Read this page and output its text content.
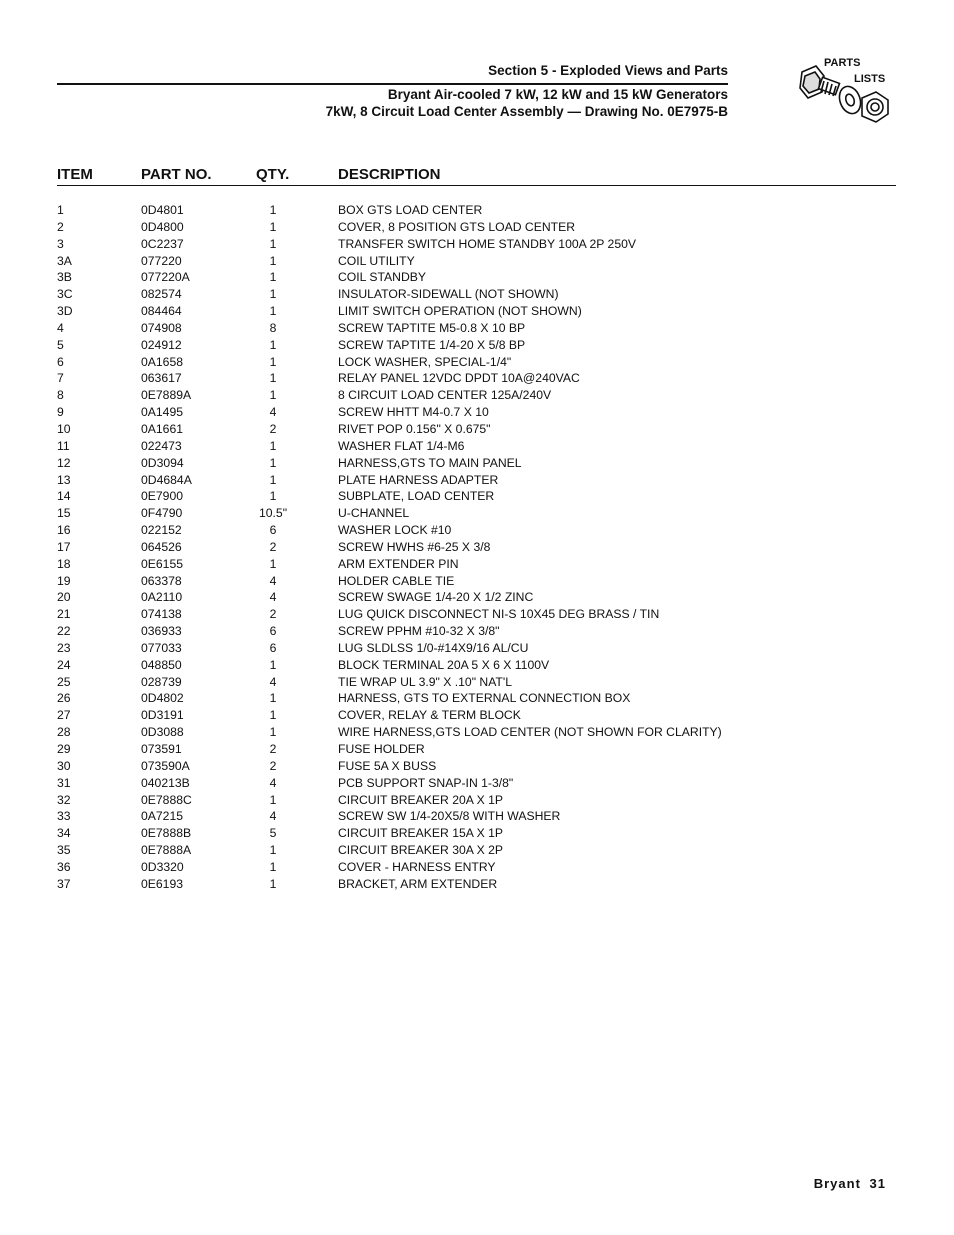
Section 5 - Exploded Views and Parts
Bryant Air-cooled 7 kW, 12 kW and 15 kW Generators
7kW, 8 Circuit Load Center Assembly — Drawing No. 0E7975-B
PARTS
LISTS
ITEM	PART NO.	QTY.	DESCRIPTION
1	0D4801	1	BOX GTS LOAD CENTER
2	0D4800	1	COVER, 8 POSITION GTS LOAD CENTER
3	0C2237	1	TRANSFER SWITCH HOME STANDBY 100A 2P 250V
3A	077220	1	COIL UTILITY
3B	077220A	1	COIL STANDBY
3C	082574	1	INSULATOR-SIDEWALL (NOT SHOWN)
3D	084464	1	LIMIT SWITCH OPERATION (NOT SHOWN)
4	074908	8	SCREW TAPTITE M5-0.8 X 10 BP
5	024912	1	SCREW TAPTITE 1/4-20 X 5/8 BP
6	0A1658	1	LOCK WASHER, SPECIAL-1/4"
7	063617	1	RELAY PANEL 12VDC DPDT 10A@240VAC
8	0E7889A	1	8 CIRCUIT LOAD CENTER 125A/240V
9	0A1495	4	SCREW HHTT M4-0.7 X 10
10	0A1661	2	RIVET POP 0.156" X 0.675"
11	022473	1	WASHER FLAT 1/4-M6
12	0D3094	1	HARNESS,GTS TO MAIN PANEL
13	0D4684A	1	PLATE HARNESS ADAPTER
14	0E7900	1	SUBPLATE, LOAD CENTER
15	0F4790	10.5"	U-CHANNEL
16	022152	6	WASHER LOCK #10
17	064526	2	SCREW HWHS #6-25 X 3/8
18	0E6155	1	ARM EXTENDER PIN
19	063378	4	HOLDER CABLE TIE
20	0A2110	4	SCREW SWAGE 1/4-20 X 1/2 ZINC
21	074138	2	LUG QUICK DISCONNECT NI-S 10X45 DEG BRASS / TIN
22	036933	6	SCREW PPHM #10-32 X 3/8"
23	077033	6	LUG SLDLSS 1/0-#14X9/16 AL/CU
24	048850	1	BLOCK TERMINAL 20A 5 X 6 X 1100V
25	028739	4	TIE WRAP UL 3.9" X .10" NAT'L
26	0D4802	1	HARNESS, GTS TO EXTERNAL CONNECTION BOX
27	0D3191	1	COVER, RELAY & TERM BLOCK
28	0D3088	1	WIRE HARNESS,GTS LOAD CENTER (NOT SHOWN FOR CLARITY)
29	073591	2	FUSE HOLDER
30	073590A	2	FUSE 5A X BUSS
31	040213B	4	PCB SUPPORT SNAP-IN 1-3/8"
32	0E7888C	1	CIRCUIT BREAKER 20A X 1P
33	0A7215	4	SCREW SW 1/4-20X5/8 WITH WASHER
34	0E7888B	5	CIRCUIT BREAKER 15A X 1P
35	0E7888A	1	CIRCUIT BREAKER 30A X 2P
36	0D3320	1	COVER - HARNESS ENTRY
37	0E6193	1	BRACKET, ARM EXTENDER
Bryant 31
